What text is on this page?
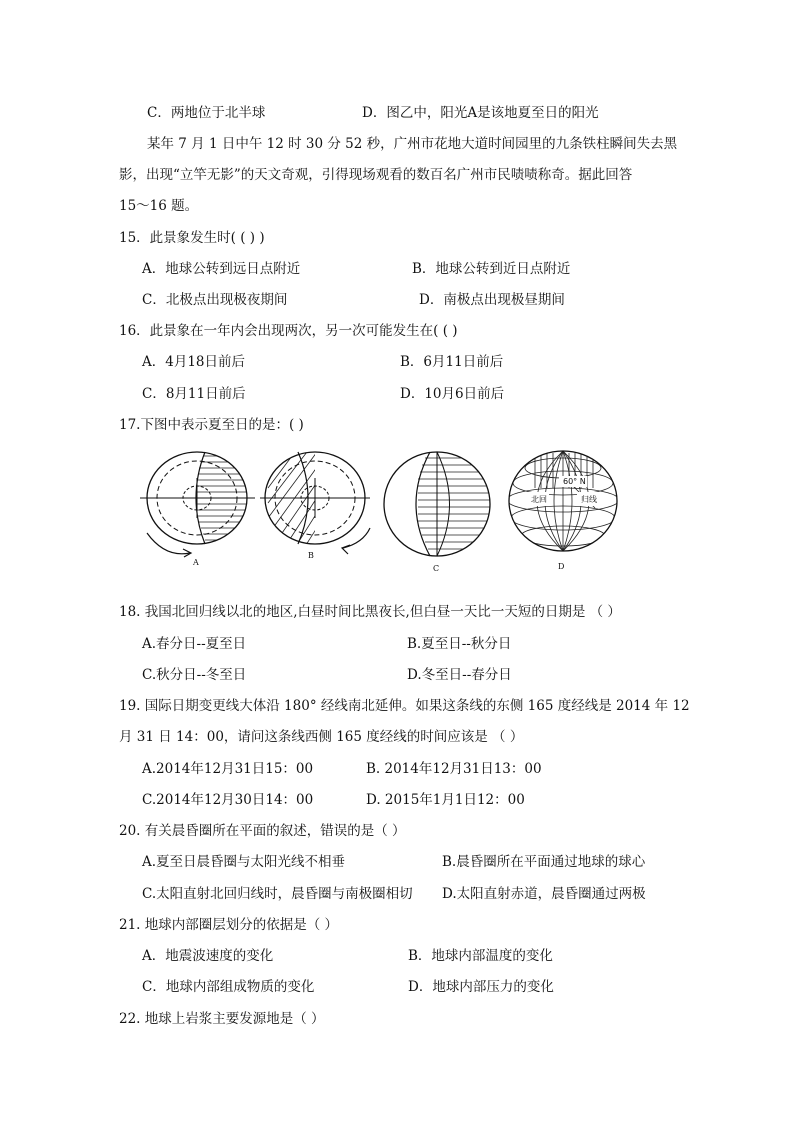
C．两地位于北半球	D．图乙中，阳光A是该地夏至日的阳光
某年 7 月 1 日中午 12 时 30 分 52 秒，广州市花地大道时间园里的九条铁柱瞬间失去黑
影，出现“立竿无影”的天文奇观，引得现场观看的数百名广州市民啧啧称奇。据此回答
15～16 题。
15．此景象发生时( ( ) )
A．地球公转到远日点附近	B．地球公转到近日点附近
C．北极点出现极夜期间	D．南极点出现极昼期间
16．此景象在一年内会出现两次，另一次可能发生在( ( )
A．4月18日前后	B．6月11日前后
C．8月11日前后	D．10月6日前后
17.下图中表示夏至日的是：( )
A
B
C
60° N
北回	归线
D
18. 我国北回归线以北的地区,白昼时间比黑夜长,但白昼一天比一天短的日期是 （ ）
A.春分日--夏至日	B.夏至日--秋分日
C.秋分日--冬至日	D.冬至日--春分日
19. 国际日期变更线大体沿 180° 经线南北延伸。如果这条线的东侧 165 度经线是 2014 年 12
月 31 日 14：00，请问这条线西侧 165 度经线的时间应该是 （ ）
A.2014年12月31日15：00	B. 2014年12月31日13：00
C.2014年12月30日14：00	D. 2015年1月1日12：00
20. 有关晨昏圈所在平面的叙述，错误的是（ ）
A.夏至日晨昏圈与太阳光线不相垂	B.晨昏圈所在平面通过地球的球心
C.太阳直射北回归线时，晨昏圈与南极圈相切 D.太阳直射赤道，晨昏圈通过两极
21. 地球内部圈层划分的依据是（ ）
A．地震波速度的变化	B．地球内部温度的变化
C．地球内部组成物质的变化	D．地球内部压力的变化
22. 地球上岩浆主要发源地是（ ）
